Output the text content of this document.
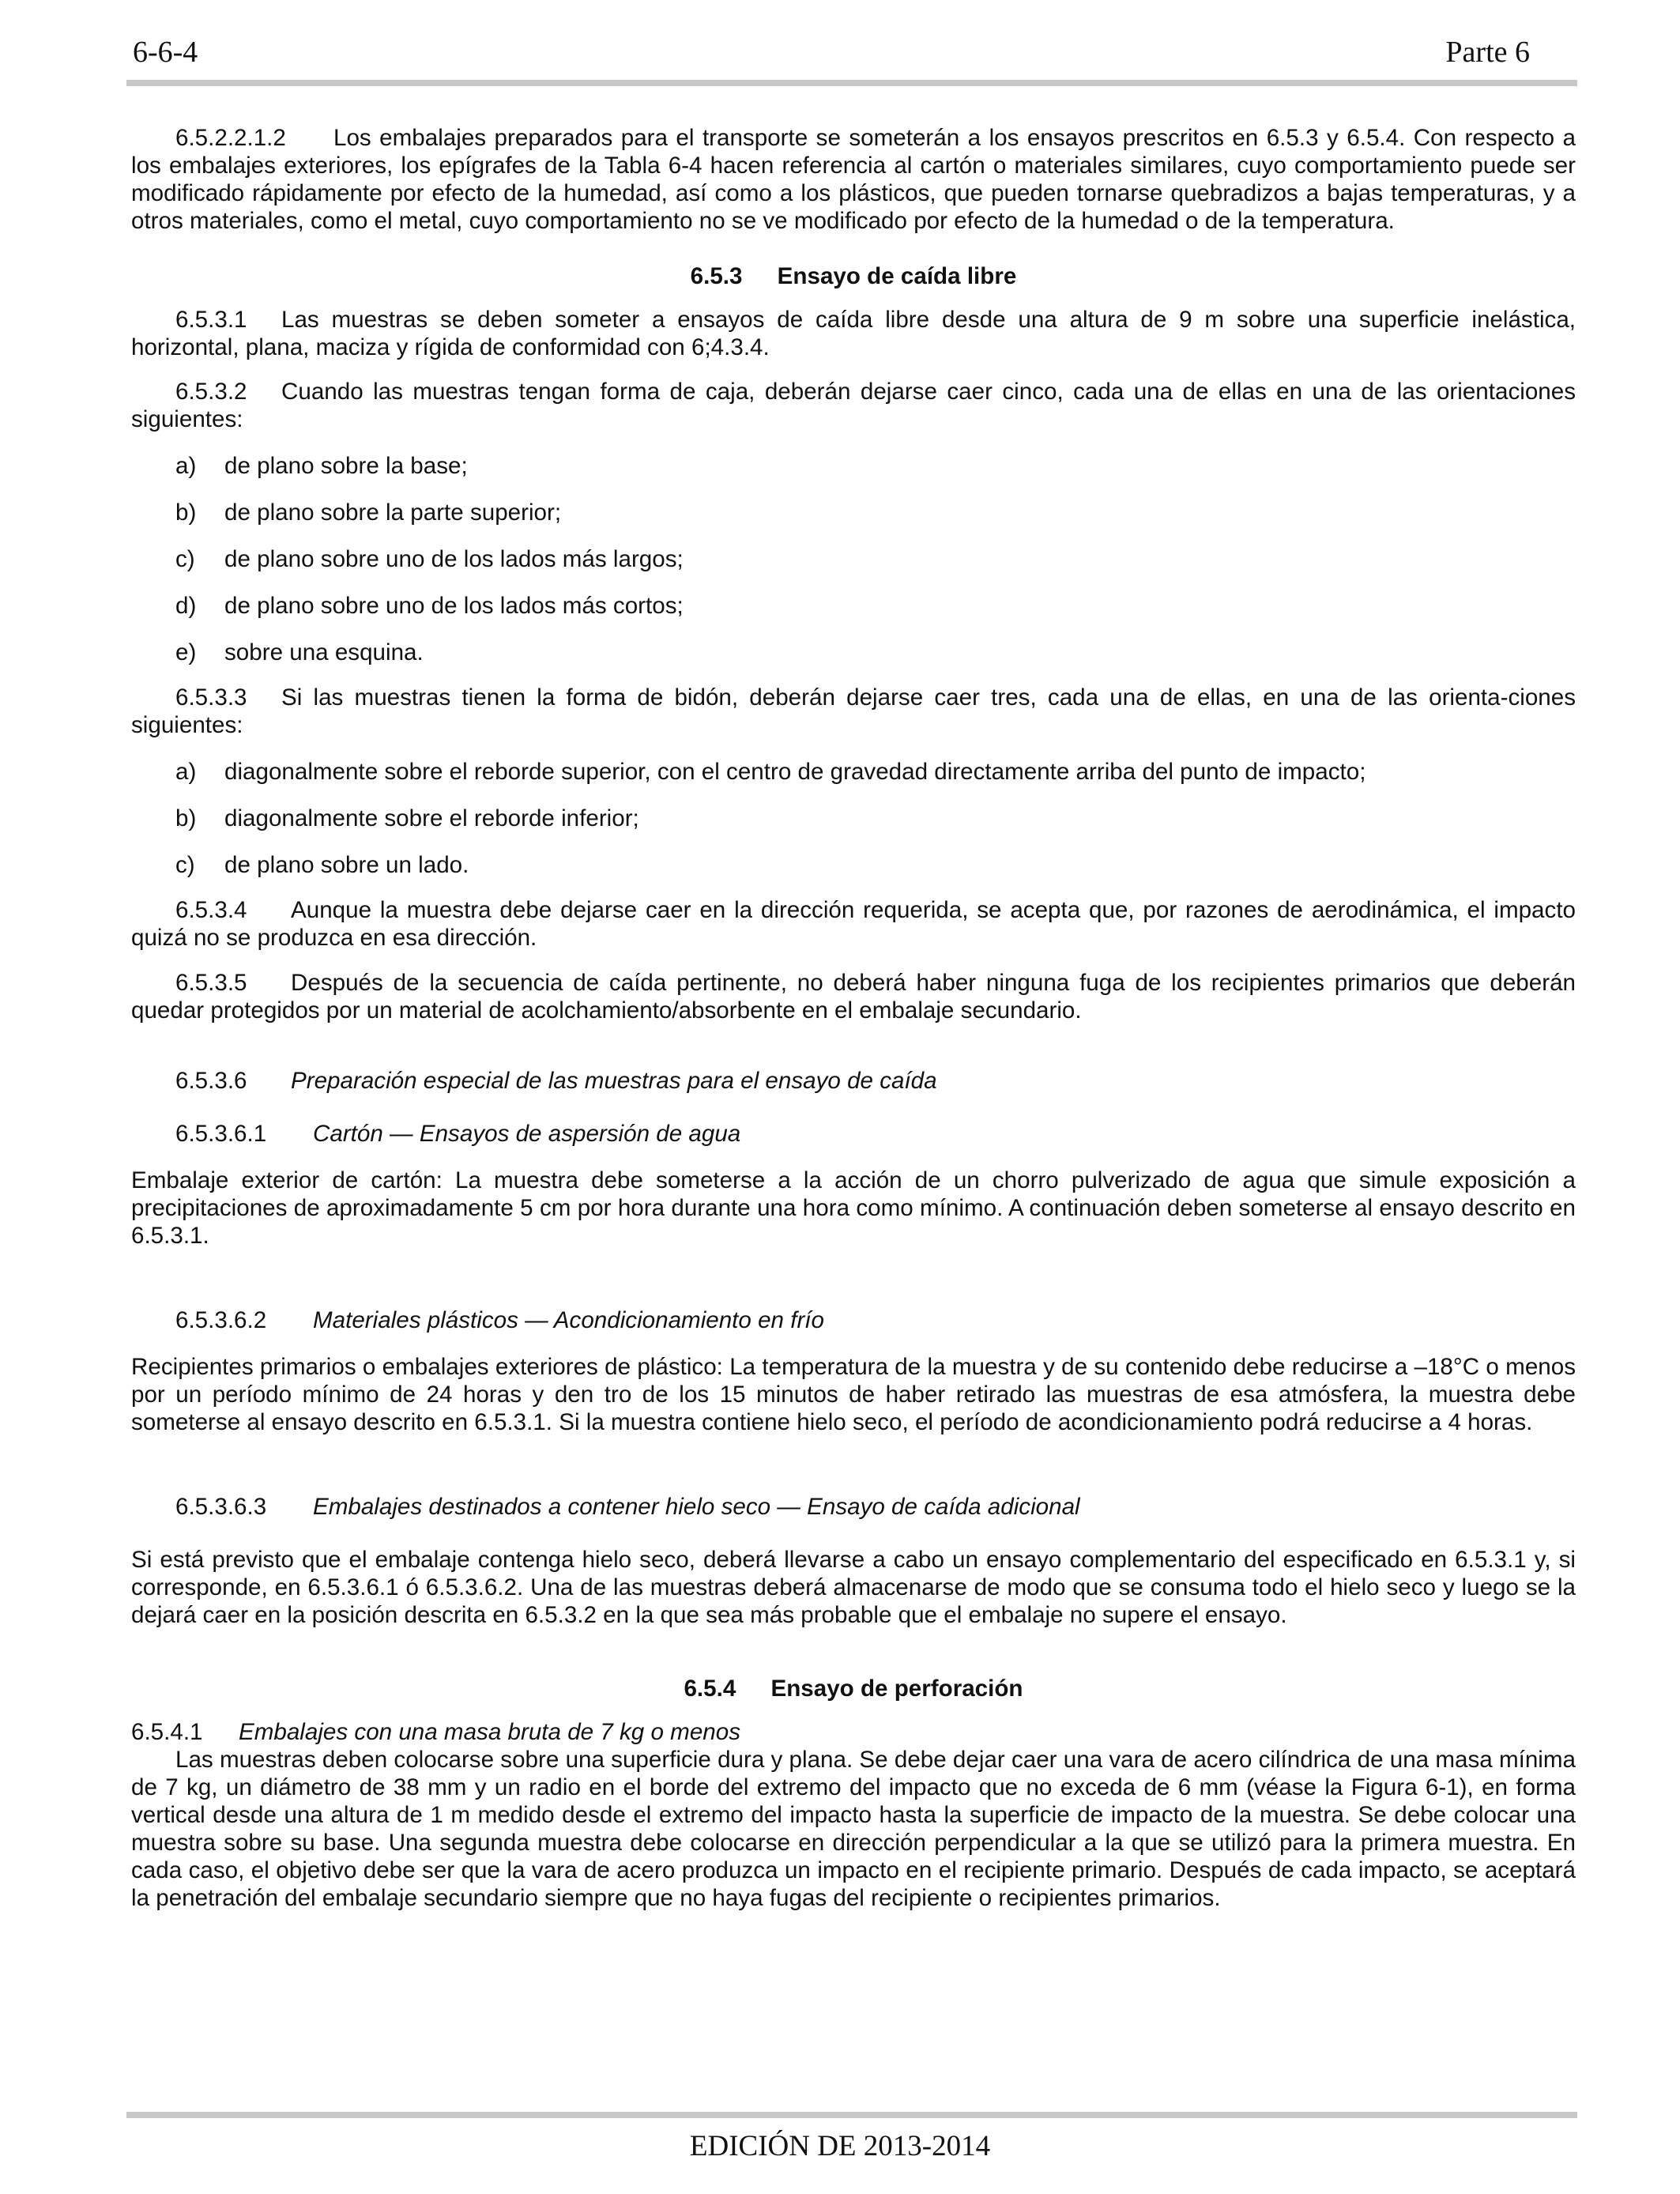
6-6-4	Parte 6

6.5.2.2.1.2 Los embalajes preparados para el transporte se someterán a los ensayos prescritos en 6.5.3 y 6.5.4. Con respecto a los embalajes exteriores, los epígrafes de la Tabla 6-4 hacen referencia al cartón o materiales similares, cuyo comportamiento puede ser modificado rápidamente por efecto de la humedad, así como a los plásticos, que pueden tornarse quebradizos a bajas temperaturas, y a otros materiales, como el metal, cuyo comportamiento no se ve modificado por efecto de la humedad o de la temperatura.

6.5.3 Ensayo de caída libre

6.5.3.1 Las muestras se deben someter a ensayos de caída libre desde una altura de 9 m sobre una superficie inelástica, horizontal, plana, maciza y rígida de conformidad con 6;4.3.4.

6.5.3.2 Cuando las muestras tengan forma de caja, deberán dejarse caer cinco, cada una de ellas en una de las orientaciones siguientes:

a) de plano sobre la base;

b) de plano sobre la parte superior;

c) de plano sobre uno de los lados más largos;

d) de plano sobre uno de los lados más cortos;

e) sobre una esquina.

6.5.3.3 Si las muestras tienen la forma de bidón, deberán dejarse caer tres, cada una de ellas, en una de las orienta-ciones siguientes:

a) diagonalmente sobre el reborde superior, con el centro de gravedad directamente arriba del punto de impacto;

b) diagonalmente sobre el reborde inferior;

c) de plano sobre un lado.

6.5.3.4 Aunque la muestra debe dejarse caer en la dirección requerida, se acepta que, por razones de aerodinámica, el impacto quizá no se produzca en esa dirección.

6.5.3.5 Después de la secuencia de caída pertinente, no deberá haber ninguna fuga de los recipientes primarios que deberán quedar protegidos por un material de acolchamiento/absorbente en el embalaje secundario.

6.5.3.6 Preparación especial de las muestras para el ensayo de caída

6.5.3.6.1 Cartón — Ensayos de aspersión de agua

Embalaje exterior de cartón: La muestra debe someterse a la acción de un chorro pulverizado de agua que simule exposición a precipitaciones de aproximadamente 5 cm por hora durante una hora como mínimo. A continuación deben someterse al ensayo descrito en 6.5.3.1.

6.5.3.6.2 Materiales plásticos — Acondicionamiento en frío

Recipientes primarios o embalajes exteriores de plástico: La temperatura de la muestra y de su contenido debe reducirse a –18°C o menos por un período mínimo de 24 horas y den tro de los 15 minutos de haber retirado las muestras de esa atmósfera, la muestra debe someterse al ensayo descrito en 6.5.3.1. Si la muestra contiene hielo seco, el período de acondicionamiento podrá reducirse a 4 horas.

6.5.3.6.3 Embalajes destinados a contener hielo seco — Ensayo de caída adicional

Si está previsto que el embalaje contenga hielo seco, deberá llevarse a cabo un ensayo complementario del especificado en 6.5.3.1 y, si corresponde, en 6.5.3.6.1 ó 6.5.3.6.2. Una de las muestras deberá almacenarse de modo que se consuma todo el hielo seco y luego se la dejará caer en la posición descrita en 6.5.3.2 en la que sea más probable que el embalaje no supere el ensayo.

6.5.4 Ensayo de perforación

6.5.4.1 Embalajes con una masa bruta de 7 kg o menos

Las muestras deben colocarse sobre una superficie dura y plana. Se debe dejar caer una vara de acero cilíndrica de una masa mínima de 7 kg, un diámetro de 38 mm y un radio en el borde del extremo del impacto que no exceda de 6 mm (véase la Figura 6-1), en forma vertical desde una altura de 1 m medido desde el extremo del impacto hasta la superficie de impacto de la muestra. Se debe colocar una muestra sobre su base. Una segunda muestra debe colocarse en dirección perpendicular a la que se utilizó para la primera muestra. En cada caso, el objetivo debe ser que la vara de acero produzca un impacto en el recipiente primario. Después de cada impacto, se aceptará la penetración del embalaje secundario siempre que no haya fugas del recipiente o recipientes primarios.

EDICIÓN DE 2013-2014
